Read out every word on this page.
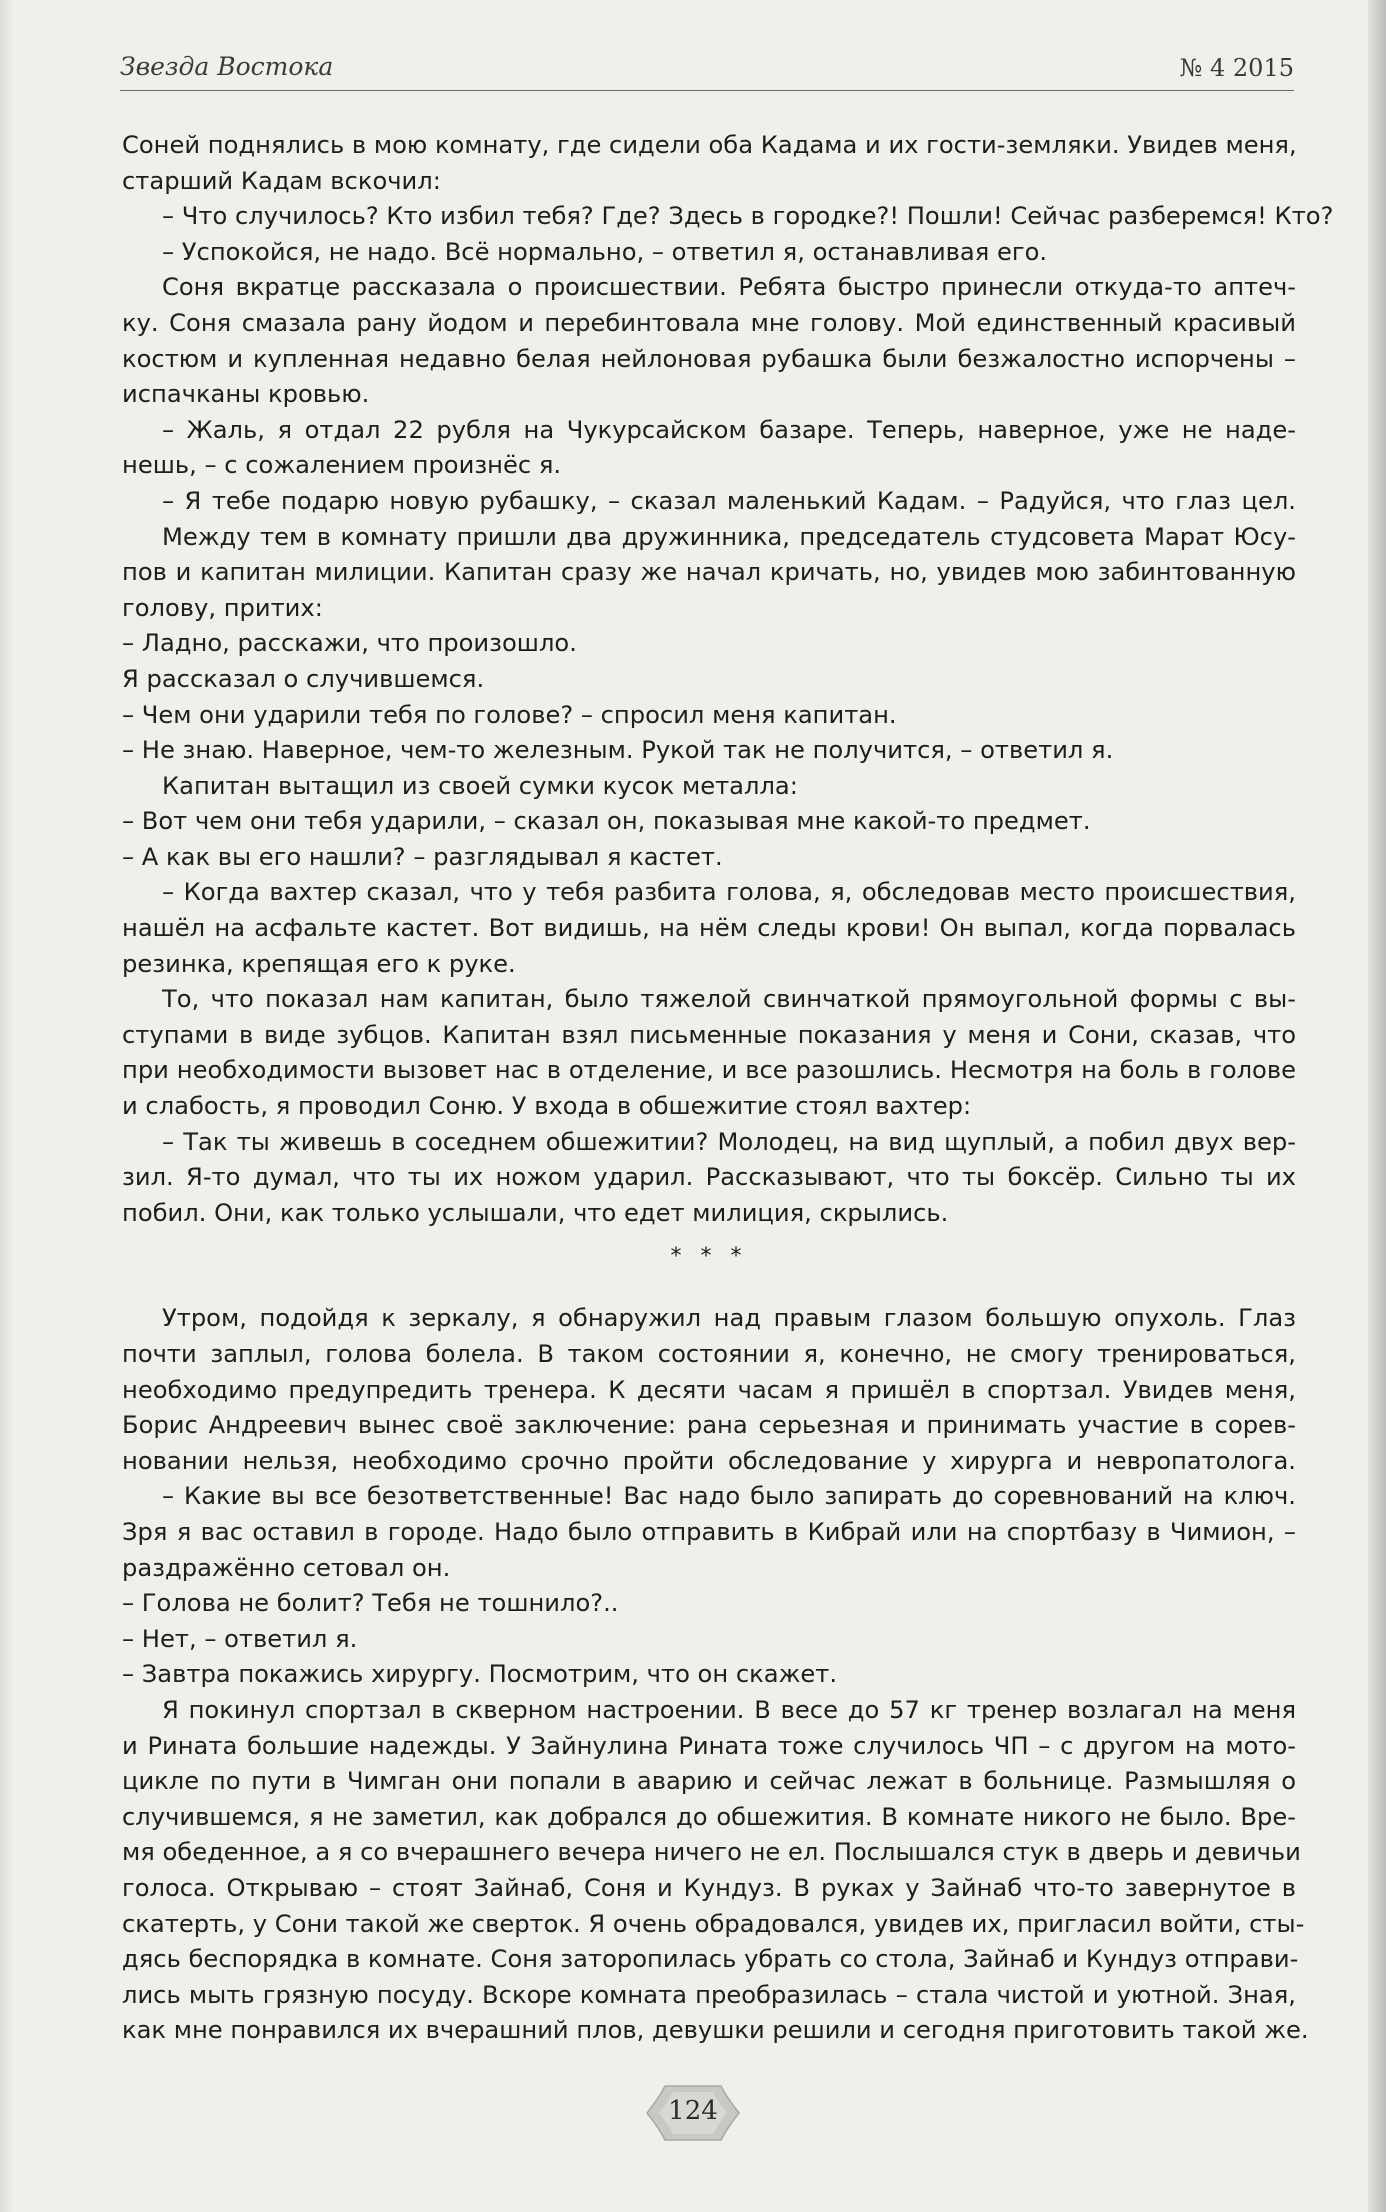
Звезда Востока	№ 4 2015
Соней поднялись в мою комнату, где сидели оба Кадама и их гости-земляки. Увидев меня,
старший Кадам вскочил:
– Что случилось? Кто избил тебя? Где? Здесь в городке?! Пошли! Сейчас разберемся! Кто?
– Успокойся, не надо. Всё нормально, – ответил я, останавливая его.
Соня вкратце рассказала о происшествии. Ребята быстро принесли откуда-то аптеч-
ку. Соня смазала рану йодом и перебинтовала мне голову. Мой единственный красивый
костюм и купленная недавно белая нейлоновая рубашка были безжалостно испорчены –
испачканы кровью.
– Жаль, я отдал 22 рубля на Чукурсайском базаре. Теперь, наверное, уже не наде-
нешь, – с сожалением произнёс я.
– Я тебе подарю новую рубашку, – сказал маленький Кадам. – Радуйся, что глаз цел.
Между тем в комнату пришли два дружинника, председатель студсовета Марат Юсу-
пов и капитан милиции. Капитан сразу же начал кричать, но, увидев мою забинтованную
голову, притих:
– Ладно, расскажи, что произошло.
Я рассказал о случившемся.
– Чем они ударили тебя по голове? – спросил меня капитан.
– Не знаю. Наверное, чем-то железным. Рукой так не получится, – ответил я.
Капитан вытащил из своей сумки кусок металла:
– Вот чем они тебя ударили, – сказал он, показывая мне какой-то предмет.
– А как вы его нашли? – разглядывал я кастет.
– Когда вахтер сказал, что у тебя разбита голова, я, обследовав место происшествия,
нашёл на асфальте кастет. Вот видишь, на нём следы крови! Он выпал, когда порвалась
резинка, крепящая его к руке.
То, что показал нам капитан, было тяжелой свинчаткой прямоугольной формы с вы-
ступами в виде зубцов. Капитан взял письменные показания у меня и Сони, сказав, что
при необходимости вызовет нас в отделение, и все разошлись. Несмотря на боль в голове
и слабость, я проводил Соню. У входа в обшежитие стоял вахтер:
– Так ты живешь в соседнем обшежитии? Молодец, на вид щуплый, а побил двух вер-
зил. Я-то думал, что ты их ножом ударил. Рассказывают, что ты боксёр. Сильно ты их
побил. Они, как только услышали, что едет милиция, скрылись.
* * *
Утром, подойдя к зеркалу, я обнаружил над правым глазом большую опухоль. Глаз
почти заплыл, голова болела. В таком состоянии я, конечно, не смогу тренироваться,
необходимо предупредить тренера. К десяти часам я пришёл в спортзал. Увидев меня,
Борис Андреевич вынес своё заключение: рана серьезная и принимать участие в сорев-
новании нельзя, необходимо срочно пройти обследование у хирурга и невропатолога.
– Какие вы все безответственные! Вас надо было запирать до соревнований на ключ.
Зря я вас оставил в городе. Надо было отправить в Кибрай или на спортбазу в Чимион, –
раздражённо сетовал он.
– Голова не болит? Тебя не тошнило?..
– Нет, – ответил я.
– Завтра покажись хирургу. Посмотрим, что он скажет.
Я покинул спортзал в скверном настроении. В весе до 57 кг тренер возлагал на меня
и Рината большие надежды. У Зайнулина Рината тоже случилось ЧП – с другом на мото-
цикле по пути в Чимган они попали в аварию и сейчас лежат в больнице. Размышляя о
случившемся, я не заметил, как добрался до обшежития. В комнате никого не было. Вре-
мя обеденное, а я со вчерашнего вечера ничего не ел. Послышался стук в дверь и девичьи
голоса. Открываю – стоят Зайнаб, Соня и Кундуз. В руках у Зайнаб что-то завернутое в
скатерть, у Сони такой же сверток. Я очень обрадовался, увидев их, пригласил войти, сты-
дясь беспорядка в комнате. Соня заторопилась убрать со стола, Зайнаб и Кундуз отправи-
лись мыть грязную посуду. Вскоре комната преобразилась – стала чистой и уютной. Зная,
как мне понравился их вчерашний плов, девушки решили и сегодня приготовить такой же.
124
